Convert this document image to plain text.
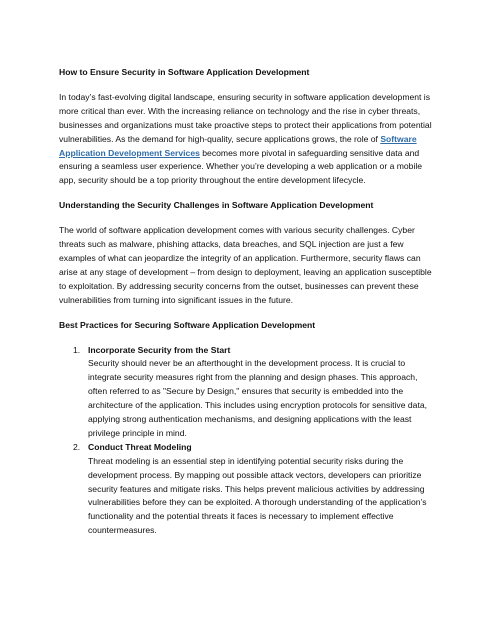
How to Ensure Security in Software Application Development

In today’s fast-evolving digital landscape, ensuring security in software application development is more critical than ever. With the increasing reliance on technology and the rise in cyber threats, businesses and organizations must take proactive steps to protect their applications from potential vulnerabilities. As the demand for high-quality, secure applications grows, the role of Software Application Development Services becomes more pivotal in safeguarding sensitive data and ensuring a seamless user experience. Whether you’re developing a web application or a mobile app, security should be a top priority throughout the entire development lifecycle.

Understanding the Security Challenges in Software Application Development

The world of software application development comes with various security challenges. Cyber threats such as malware, phishing attacks, data breaches, and SQL injection are just a few examples of what can jeopardize the integrity of an application. Furthermore, security flaws can arise at any stage of development – from design to deployment, leaving an application susceptible to exploitation. By addressing security concerns from the outset, businesses can prevent these vulnerabilities from turning into significant issues in the future.

Best Practices for Securing Software Application Development
1. Incorporate Security from the Start
Security should never be an afterthought in the development process. It is crucial to integrate security measures right from the planning and design phases. This approach, often referred to as "Secure by Design," ensures that security is embedded into the architecture of the application. This includes using encryption protocols for sensitive data, applying strong authentication mechanisms, and designing applications with the least privilege principle in mind.
2. Conduct Threat Modeling
Threat modeling is an essential step in identifying potential security risks during the development process. By mapping out possible attack vectors, developers can prioritize security features and mitigate risks. This helps prevent malicious activities by addressing vulnerabilities before they can be exploited. A thorough understanding of the application’s functionality and the potential threats it faces is necessary to implement effective countermeasures.
